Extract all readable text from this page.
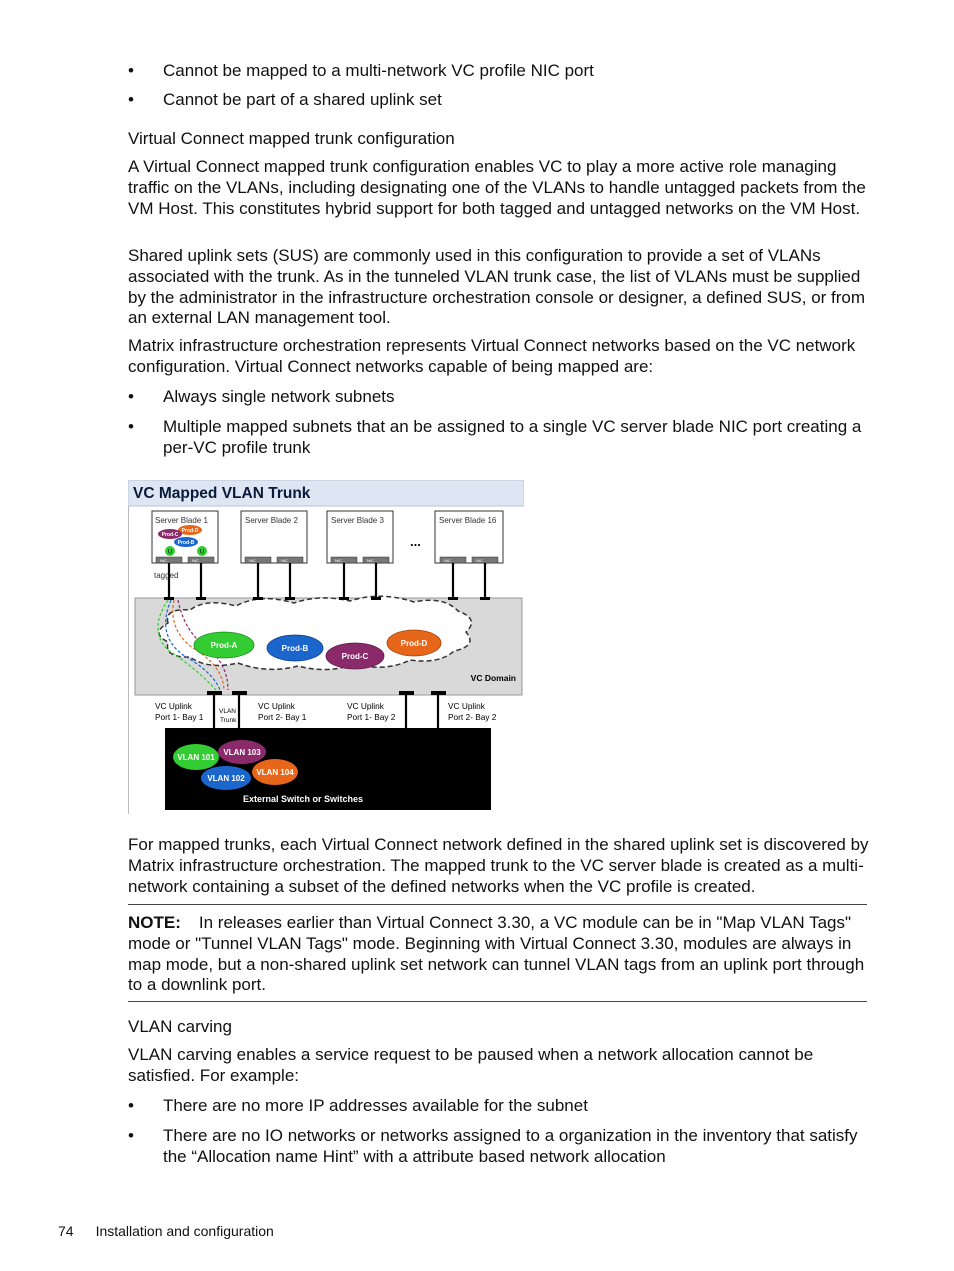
•	Cannot be mapped to a multi-network VC profile NIC port
•	Cannot be part of a shared uplink set
Virtual Connect mapped trunk configuration

A Virtual Connect mapped trunk configuration enables VC to play a more active role managing traffic on the VLANs, including designating one of the VLANs to handle untagged packets from the VM Host. This constitutes hybrid support for both tagged and untagged networks on the VM Host.

Shared uplink sets (SUS) are commonly used in this configuration to provide a set of VLANs associated with the trunk. As in the tunneled VLAN trunk case, the list of VLANs must be supplied by the administrator in the infrastructure orchestration console or designer, a defined SUS, or from an external LAN management tool.

Matrix infrastructure orchestration represents Virtual Connect networks based on the VC network configuration. Virtual Connect networks capable of being mapped are:

•	Always single network subnets
•	Multiple mapped subnets that an be assigned to a single VC server blade NIC port creating a per-VC profile trunk
VC Mapped VLAN Trunk
VC Domain
Server Blade 1	Server Blade 2	Server Blade 3	Server Blade 16
...
Prod-D
Prod-C
Prod-B
U	U
NIC	NIC	NIC	NIC	NIC	NIC	NIC	NIC
tagged
Prod-A	Prod-B
Prod-C
Prod-D
VC Uplink
Port 1- Bay 1
VC Uplink
Port 2- Bay 1
VC Uplink
Port 1- Bay 2
VC Uplink
Port 2- Bay 2
VLAN
Trunk
VLAN 101
VLAN 103
VLAN 102
VLAN 104
External Switch or Switches

For mapped trunks, each Virtual Connect network defined in the shared uplink set is discovered by Matrix infrastructure orchestration. The mapped trunk to the VC server blade is created as a multi-network containing a subset of the defined networks when the VC profile is created.

NOTE: In releases earlier than Virtual Connect 3.30, a VC module can be in "Map VLAN Tags" mode or "Tunnel VLAN Tags" mode. Beginning with Virtual Connect 3.30, modules are always in map mode, but a non-shared uplink set network can tunnel VLAN tags from an uplink port through to a downlink port.

VLAN carving

VLAN carving enables a service request to be paused when a network allocation cannot be satisfied. For example:

•	There are no more IP addresses available for the subnet
•	There are no IO networks or networks assigned to a organization in the inventory that satisfy the “Allocation name Hint” with a attribute based network allocation
74 Installation and configuration
